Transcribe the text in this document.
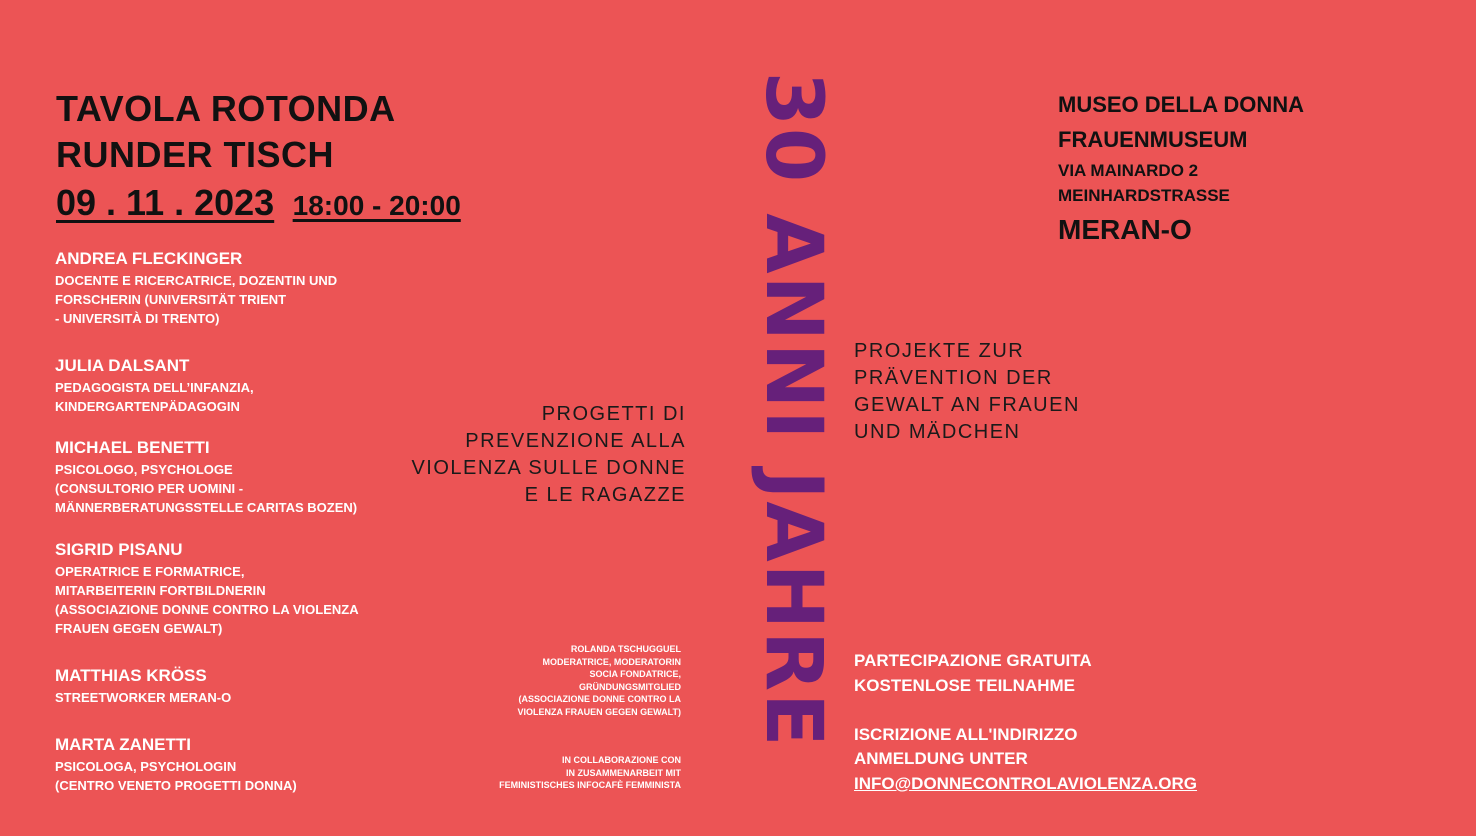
TAVOLA ROTONDA
RUNDER TISCH
09 . 11 . 2023 18:00 - 20:00
ANDREA FLECKINGER
DOCENTE E RICERCATRICE, DOZENTIN UND
FORSCHERIN (UNIVERSITÄT TRIENT
- UNIVERSITÀ DI TRENTO)
JULIA DALSANT
PEDAGOGISTA DELL’INFANZIA,
KINDERGARTENPÄDAGOGIN
MICHAEL BENETTI
PSICOLOGO, PSYCHOLOGE
(CONSULTORIO PER UOMINI -
MÄNNERBERATUNGSSTELLE CARITAS BOZEN)
SIGRID PISANU
OPERATRICE E FORMATRICE,
MITARBEITERIN FORTBILDNERIN
(ASSOCIAZIONE DONNE CONTRO LA VIOLENZA
FRAUEN GEGEN GEWALT)
MATTHIAS KRÖSS
STREETWORKER MERAN-O
MARTA ZANETTI
PSICOLOGA, PSYCHOLOGIN
(CENTRO VENETO PROGETTI DONNA)
PROGETTI DI
PREVENZIONE ALLA
VIOLENZA SULLE DONNE
E LE RAGAZZE
ROLANDA TSCHUGGUEL
MODERATRICE, MODERATORIN
SOCIA FONDATRICE,
GRÜNDUNGSMITGLIED
(ASSOCIAZIONE DONNE CONTRO LA
VIOLENZA FRAUEN GEGEN GEWALT)
IN COLLABORAZIONE CON
IN ZUSAMMENARBEIT MIT
FEMINISTISCHES INFOCAFÈ FEMMINISTA
30 ANNI JAHRE PROJEKTE ZUR
PRÄVENTION DER
GEWALT AN FRAUEN
UND MÄDCHEN
MUSEO DELLA DONNA
FRAUENMUSEUM
VIA MAINARDO 2
MEINHARDSTRASSE
MERAN-O
PARTECIPAZIONE GRATUITA
KOSTENLOSE TEILNAHME
ISCRIZIONE ALL'INDIRIZZO
ANMELDUNG UNTER
INFO@DONNECONTROLAVIOLENZA.ORG
